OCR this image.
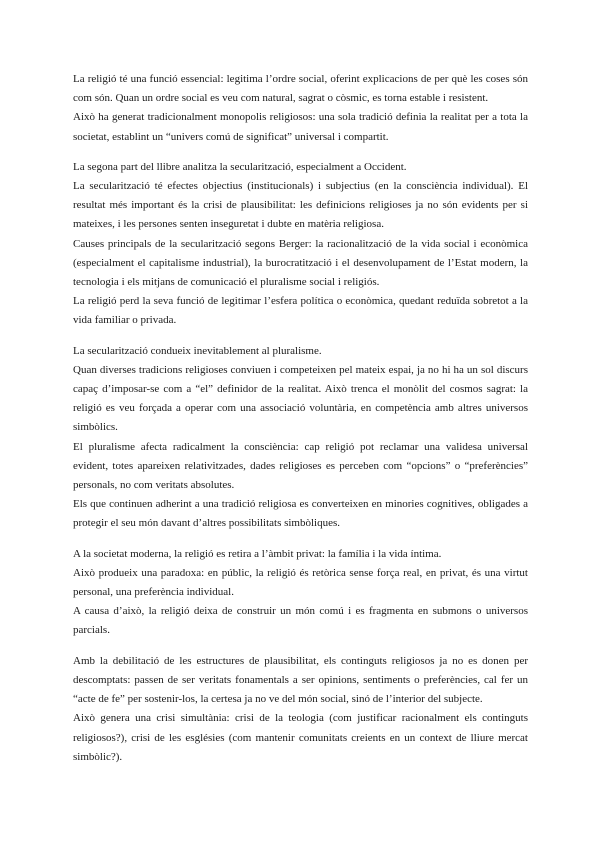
La religió té una funció essencial: legitima l’ordre social, oferint explicacions de per què les coses són com són. Quan un ordre social es veu com natural, sagrat o còsmic, es torna estable i resistent.

Això ha generat tradicionalment monopolis religiosos: una sola tradició definia la realitat per a tota la societat, establint un “univers comú de significat” universal i compartit.

La segona part del llibre analitza la secularització, especialment a Occident.

La secularització té efectes objectius (institucionals) i subjectius (en la consciència individual). El resultat més important és la crisi de plausibilitat: les definicions religioses ja no són evidents per si mateixes, i les persones senten inseguretat i dubte en matèria religiosa.

Causes principals de la secularització segons Berger: la racionalització de la vida social i econòmica (especialment el capitalisme industrial), la burocratització i el desenvolupament de l’Estat modern, la tecnologia i els mitjans de comunicació el pluralisme social i religiós.

La religió perd la seva funció de legitimar l’esfera política o econòmica, quedant reduïda sobretot a la vida familiar o privada.

La secularització condueix inevitablement al pluralisme.

Quan diverses tradicions religioses conviuen i competeixen pel mateix espai, ja no hi ha un sol discurs capaç d’imposar-se com a “el” definidor de la realitat. Això trenca el monòlit del cosmos sagrat: la religió es veu forçada a operar com una associació voluntària, en competència amb altres universos simbòlics.

El pluralisme afecta radicalment la consciència: cap religió pot reclamar una validesa universal evident, totes apareixen relativitzades, dades religioses es perceben com “opcions” o “preferències” personals, no com veritats absolutes.

Els que continuen adherint a una tradició religiosa es converteixen en minories cognitives, obligades a protegir el seu món davant d’altres possibilitats simbòliques.

A la societat moderna, la religió es retira a l’àmbit privat: la família i la vida íntima.

Això produeix una paradoxa: en públic, la religió és retòrica sense força real, en privat, és una virtut personal, una preferència individual.

A causa d’això, la religió deixa de construir un món comú i es fragmenta en submons o universos parcials.

Amb la debilitació de les estructures de plausibilitat, els continguts religiosos ja no es donen per descomptats: passen de ser veritats fonamentals a ser opinions, sentiments o preferències, cal fer un “acte de fe” per sostenir-los, la certesa ja no ve del món social, sinó de l’interior del subjecte.

Això genera una crisi simultània: crisi de la teologia (com justificar racionalment els continguts religiosos?), crisi de les esglésies (com mantenir comunitats creients en un context de lliure mercat simbòlic?).
